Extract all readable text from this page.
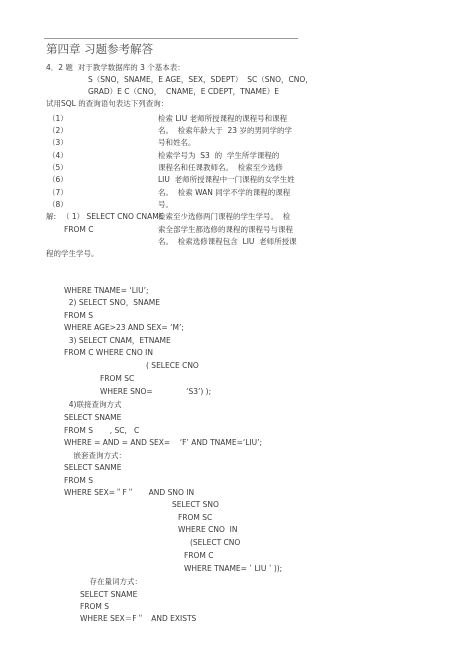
第四章 习题参考解答
4．2 题  对于教学数据库的 3 个基本表：
S（SNO，SNAME，E AGE，SEX，SDEPT）  SC（SNO，CNO，
GRAD）E C（CNO，  CNAME，E CDEPT，TNAME）E
试用SQL 的查询语句表达下列查询：
（1）
（2）
（3）
（4）
（5）
（6）
（7）
（8）
检索 LIU 老师所授课程的课程号和课程
名。  检索年龄大于  23 岁的男同学的学
号和姓名。
检索学号为  S3  的  学生所学课程的
课程名和任课教师名。  检索至少选修
LIU  老师所授课程中一门课程的女学生姓
名。  检索 WAN 同学不学的课程的课程
号。
检索至少选修两门课程的学生学号。  检
索全部学生都选修的课程的课程号与课程
名。  检索选修课程包含  LIU  老师所授课
解: （ 1） SELECT CNO CNAME
FROM C
程的学生学号。
WHERE TNAME= ‘LIU’;
2) SELECT SNO，SNAME
FROM S
WHERE AGE>23 AND SEX= ‘M’;
3) SELECT CNAM，ETNAME
FROM C WHERE CNO IN
( SELECE CNO
FROM SC
WHERE SNO=              ‘S3’) );
4)联接查询方式
SELECT SNAME
FROM S       , SC,   C
WHERE = AND = AND SEX=    ‘F’ AND TNAME=‘LIU’;
嵌套查询方式：
SELECT SANME
FROM S
WHERE SEX=＂F＂      AND SNO IN
SELECT SNO
FROM SC
WHERE CNO  IN
(SELECT CNO
FROM C
WHERE TNAME=＇LIU＇));
存在量词方式：
SELECT SNAME
FROM S
WHERE SEX＝F＂   AND EXISTS
